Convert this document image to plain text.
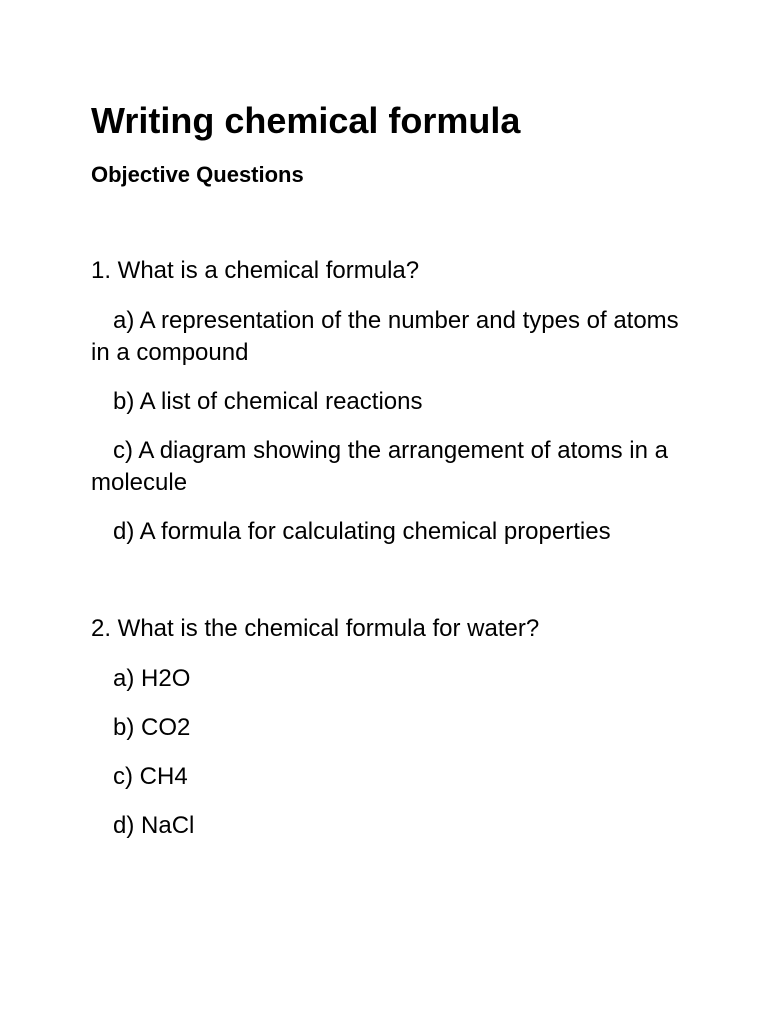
Writing chemical formula
Objective Questions

1. What is a chemical formula?

a) A representation of the number and types of atoms in a compound

b) A list of chemical reactions

c) A diagram showing the arrangement of atoms in a molecule

d) A formula for calculating chemical properties

2. What is the chemical formula for water?

a) H2O

b) CO2

c) CH4

d) NaCl
